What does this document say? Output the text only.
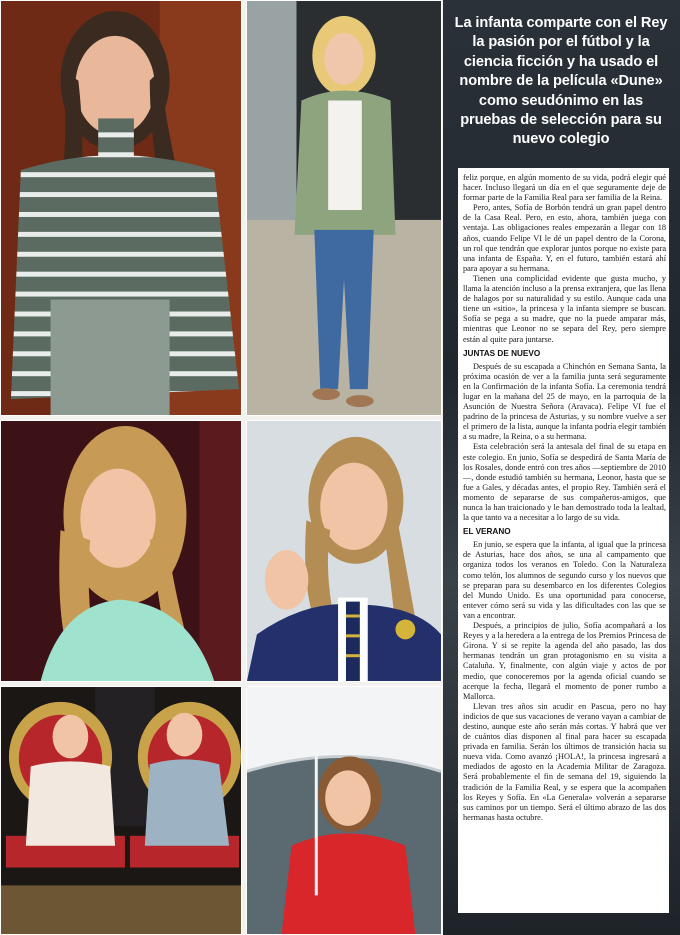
La infanta comparte con el Rey la pasión por el fútbol y la ciencia ficción y ha usado el nombre de la película «Dune» como seudónimo en las pruebas de selección para su nuevo colegio

feliz porque, en algún momento de su vida, podrá elegir qué hacer. Incluso llegará un día en el que seguramente deje de formar parte de la Familia Real para ser familia de la Reina.

Pero, antes, Sofía de Borbón tendrá un gran papel dentro de la Casa Real. Pero, en esto, ahora, también juega con ventaja. Las obligaciones reales empezarán a llegar con 18 años, cuando Felipe VI le dé un papel dentro de la Corona, un rol que tendrán que explorar juntos porque no existe para una infanta de España. Y, en el futuro, también estará ahí para apoyar a su hermana.

Tienen una complicidad evidente que gusta mucho, y llama la atención incluso a la prensa extranjera, que las llena de halagos por su naturalidad y su estilo. Aunque cada una tiene un «sitio», la princesa y la infanta siempre se buscan. Sofía se pega a su madre, que no la puede amparar más, mientras que Leonor no se separa del Rey, pero siempre están al quite para juntarse.

JUNTAS DE NUEVO

Después de su escapada a Chinchón en Semana Santa, la próxima ocasión de ver a la familia junta será seguramente en la Confirmación de la infanta Sofía. La ceremonia tendrá lugar en la mañana del 25 de mayo, en la parroquia de la Asunción de Nuestra Señora (Aravaca). Felipe VI fue el padrino de la princesa de Asturias, y su nombre vuelve a ser el primero de la lista, aunque la infanta podría elegir también a su madre, la Reina, o a su hermana.

Esta celebración será la antesala del final de su etapa en este colegio. En junio, Sofía se despedirá de Santa María de los Rosales, donde entró con tres años —septiembre de 2010—, donde estudió también su hermana, Leonor, hasta que se fue a Gales, y décadas antes, el propio Rey. También será el momento de separarse de sus compañeros-amigos, que nunca la han traicionado y le han demostrado toda la lealtad, la que tanto va a necesitar a lo largo de su vida.

EL VERANO

En junio, se espera que la infanta, al igual que la princesa de Asturias, hace dos años, se una al campamento que organiza todos los veranos en Toledo. Con la Naturaleza como telón, los alumnos de segundo curso y los nuevos que se preparan para su desembarco en los diferentes Colegios del Mundo Unido. Es una oportunidad para conocerse, entever cómo será su vida y las dificultades con las que se van a encontrar.

Después, a principios de julio, Sofía acompañará a los Reyes y a la heredera a la entrega de los Premios Princesa de Girona. Y si se repite la agenda del año pasado, las dos hermanas tendrán un gran protagonismo en su visita a Cataluña. Y, finalmente, con algún viaje y actos de por medio, que conoceremos por la agenda oficial cuando se acerque la fecha, llegará el momento de poner rumbo a Mallorca.

Llevan tres años sin acudir en Pascua, pero no hay indicios de que sus vacaciones de verano vayan a cambiar de destino, aunque este año serán más cortas. Y habrá que ver de cuántos días disponen al final para hacer su escapada privada en familia. Serán los últimos de transición hacia su nueva vida. Como avanzó ¡HOLA!, la princesa ingresará a mediados de agosto en la Academia Militar de Zaragoza. Será probablemente el fin de semana del 19, siguiendo la tradición de la Familia Real, y se espera que la acompañen los Reyes y Sofía. En «La Generala» volverán a separarse sus caminos por un tiempo. Será el último abrazo de las dos hermanas hasta octubre.
